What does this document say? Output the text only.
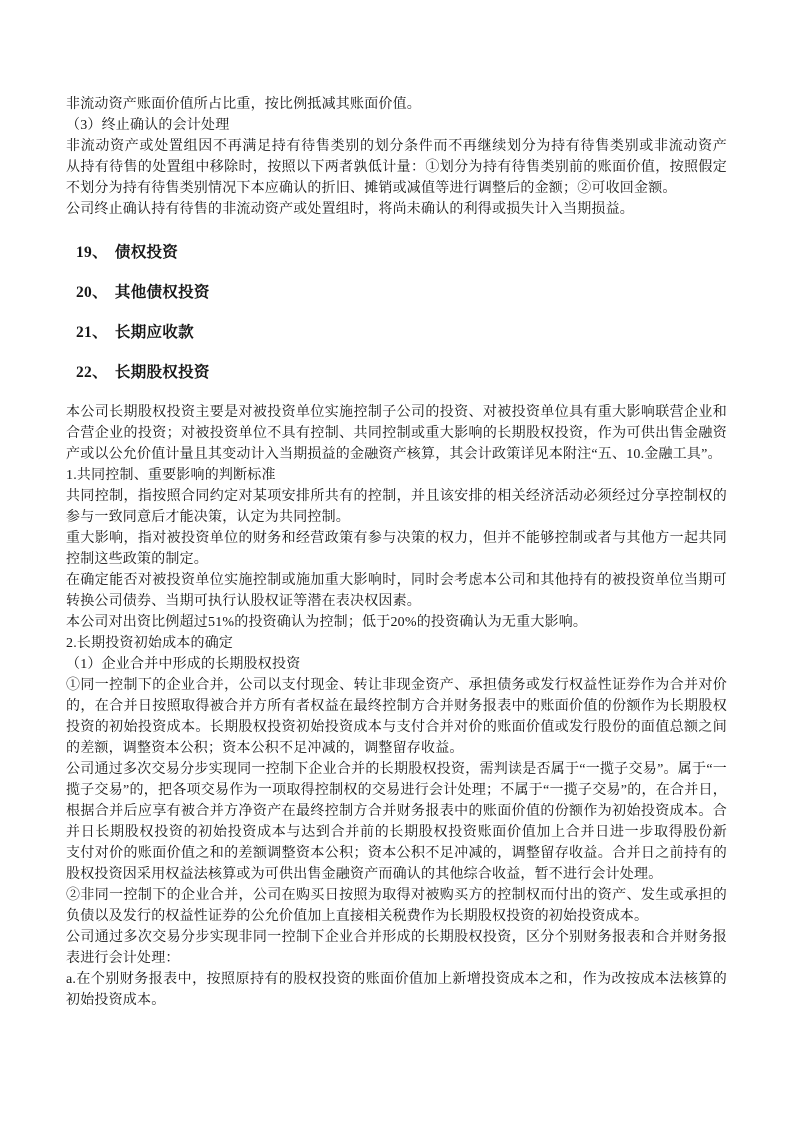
非流动资产账面价值所占比重，按比例抵减其账面价值。
（3）终止确认的会计处理
非流动资产或处置组因不再满足持有待售类别的划分条件而不再继续划分为持有待售类别或非流动资产
从持有待售的处置组中移除时，按照以下两者孰低计量：①划分为持有待售类别前的账面价值，按照假定
不划分为持有待售类别情况下本应确认的折旧、摊销或减值等进行调整后的金额；②可收回金额。
公司终止确认持有待售的非流动资产或处置组时，将尚未确认的利得或损失计入当期损益。
19、 债权投资
20、 其他债权投资
21、 长期应收款
22、 长期股权投资
本公司长期股权投资主要是对被投资单位实施控制子公司的投资、对被投资单位具有重大影响联营企业和
合营企业的投资；对被投资单位不具有控制、共同控制或重大影响的长期股权投资，作为可供出售金融资
产或以公允价值计量且其变动计入当期损益的金融资产核算，其会计政策详见本附注“五、10.金融工具”。
1.共同控制、重要影响的判断标准
共同控制，指按照合同约定对某项安排所共有的控制，并且该安排的相关经济活动必须经过分享控制权的
参与一致同意后才能决策，认定为共同控制。
重大影响，指对被投资单位的财务和经营政策有参与决策的权力，但并不能够控制或者与其他方一起共同
控制这些政策的制定。
在确定能否对被投资单位实施控制或施加重大影响时，同时会考虑本公司和其他持有的被投资单位当期可
转换公司债券、当期可执行认股权证等潜在表决权因素。
本公司对出资比例超过51%的投资确认为控制；低于20%的投资确认为无重大影响。
2.长期投资初始成本的确定
（1）企业合并中形成的长期股权投资
①同一控制下的企业合并，公司以支付现金、转让非现金资产、承担债务或发行权益性证券作为合并对价
的，在合并日按照取得被合并方所有者权益在最终控制方合并财务报表中的账面价值的份额作为长期股权
投资的初始投资成本。长期股权投资初始投资成本与支付合并对价的账面价值或发行股份的面值总额之间
的差额，调整资本公积；资本公积不足冲减的，调整留存收益。
公司通过多次交易分步实现同一控制下企业合并的长期股权投资，需判读是否属于“一揽子交易”。属于“一
揽子交易”的，把各项交易作为一项取得控制权的交易进行会计处理；不属于“一揽子交易”的，在合并日，
根据合并后应享有被合并方净资产在最终控制方合并财务报表中的账面价值的份额作为初始投资成本。合
并日长期股权投资的初始投资成本与达到合并前的长期股权投资账面价值加上合并日进一步取得股份新
支付对价的账面价值之和的差额调整资本公积；资本公积不足冲减的，调整留存收益。合并日之前持有的
股权投资因采用权益法核算或为可供出售金融资产而确认的其他综合收益，暂不进行会计处理。
②非同一控制下的企业合并，公司在购买日按照为取得对被购买方的控制权而付出的资产、发生或承担的
负债以及发行的权益性证券的公允价值加上直接相关税费作为长期股权投资的初始投资成本。
公司通过多次交易分步实现非同一控制下企业合并形成的长期股权投资，区分个别财务报表和合并财务报
表进行会计处理：
a.在个别财务报表中，按照原持有的股权投资的账面价值加上新增投资成本之和，作为改按成本法核算的
初始投资成本。
